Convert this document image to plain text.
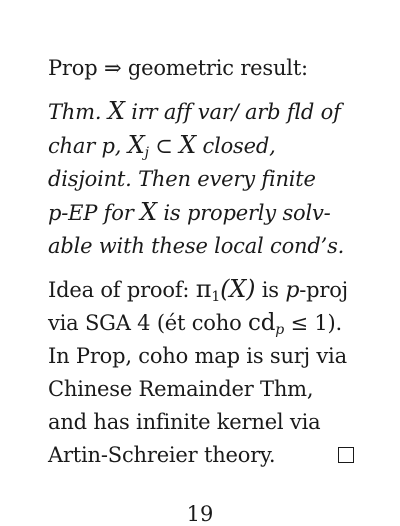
Prop ⇒ geometric result:
Thm. X irr aff var/ arb fld of
char p, $X_j$ ⊂ X closed,
disjoint. Then every finite
p-EP for X is properly solv-
able with these local cond’s.
Idea of proof: $\pi_1(X)$ is p-proj
via SGA 4 (ét coho $cd_p \le 1$).
In Prop, coho map is surj via
Chinese Remainder Thm,
and has infinite kernel via
Artin-Schreier theory.
19
